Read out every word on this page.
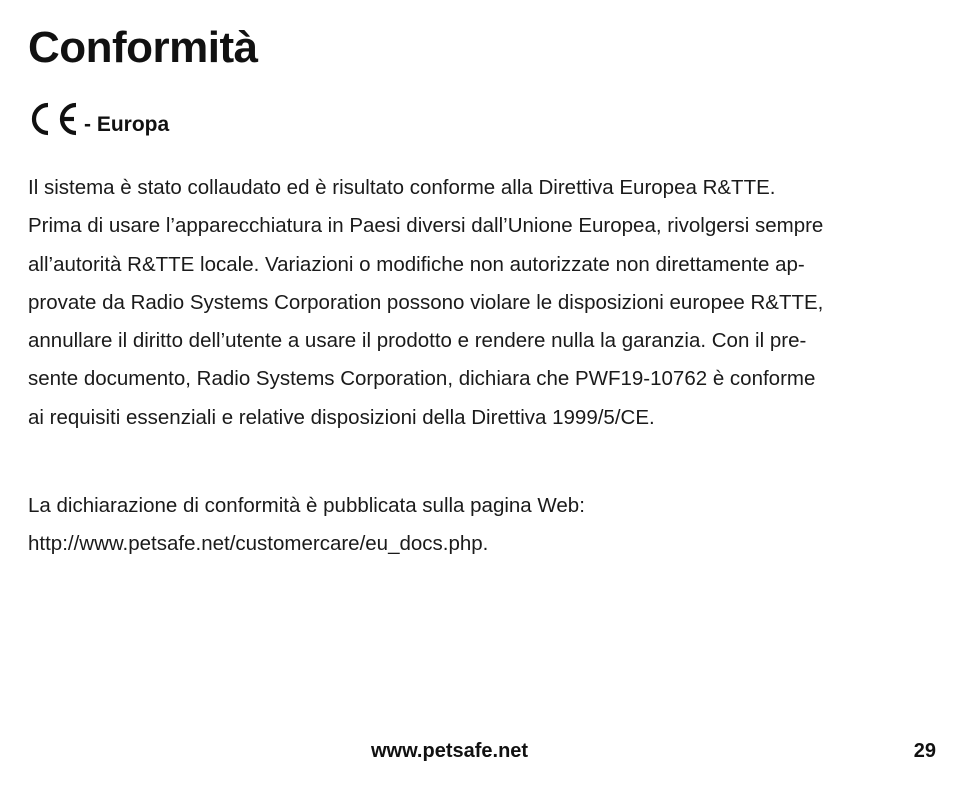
Conformità
- Europa
Il sistema è stato collaudato ed è risultato conforme alla Direttiva Europea R&TTE.
Prima di usare l’apparecchiatura in Paesi diversi dall’Unione Europea, rivolgersi sempre
all’autorità R&TTE locale. Variazioni o modifiche non autorizzate non direttamente ap-
provate da Radio Systems Corporation possono violare le disposizioni europee R&TTE,
annullare il diritto dell’utente a usare il prodotto e rendere nulla la garanzia. Con il pre-
sente documento, Radio Systems Corporation, dichiara che PWF19-10762 è conforme
ai requisiti essenziali e relative disposizioni della Direttiva 1999/5/CE.
La dichiarazione di conformità è pubblicata sulla pagina Web:
http://www.petsafe.net/customercare/eu_docs.php.
www.petsafe.net	29
